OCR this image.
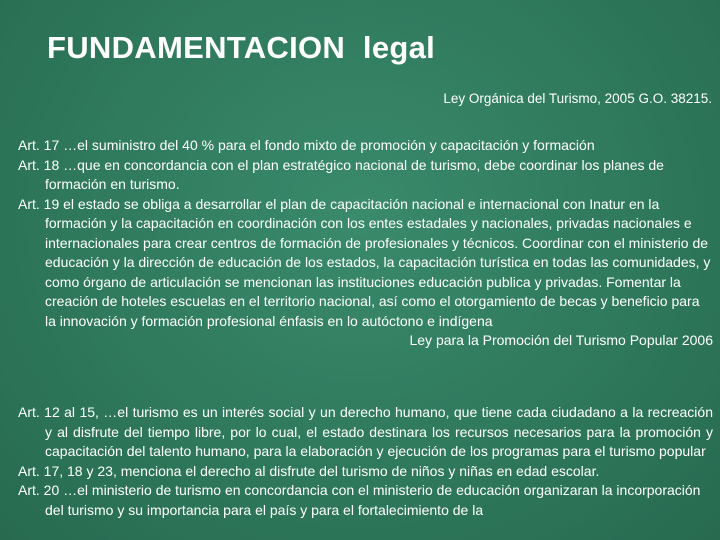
FUNDAMENTACION  legal
Ley Orgánica del Turismo, 2005 G.O. 38215.

Art. 17 …el suministro del 40 % para el fondo mixto de promoción y capacitación y formación

Art. 18 …que en concordancia con el plan estratégico nacional de turismo, debe coordinar los planes de formación en turismo.

Art. 19 el estado se obliga a desarrollar el plan de capacitación nacional e internacional con Inatur en la formación y la capacitación en coordinación con los entes estadales y nacionales, privadas nacionales e internacionales para crear centros de formación de profesionales y técnicos. Coordinar con el ministerio de educación y la dirección de educación de los estados, la capacitación turística en todas las comunidades, y como órgano de articulación se mencionan las instituciones educación publica y privadas. Fomentar la creación de hoteles escuelas en el territorio nacional, así como el otorgamiento de becas y beneficio para la innovación y formación profesional énfasis en lo autóctono e indígena

Ley para la Promoción del Turismo Popular 2006

Art. 12 al 15, …el turismo es un interés social y un derecho humano, que tiene cada ciudadano a la recreación y al disfrute del tiempo libre, por lo cual, el estado destinara los recursos necesarios para la promoción y capacitación del talento humano, para la elaboración y ejecución de los programas para el turismo popular

Art. 17, 18 y 23, menciona el derecho al disfrute del turismo de niños y niñas en edad escolar.

Art. 20 …el ministerio de turismo en concordancia con el ministerio de educación organizaran la incorporación del turismo y su importancia para el país y para el fortalecimiento de la
